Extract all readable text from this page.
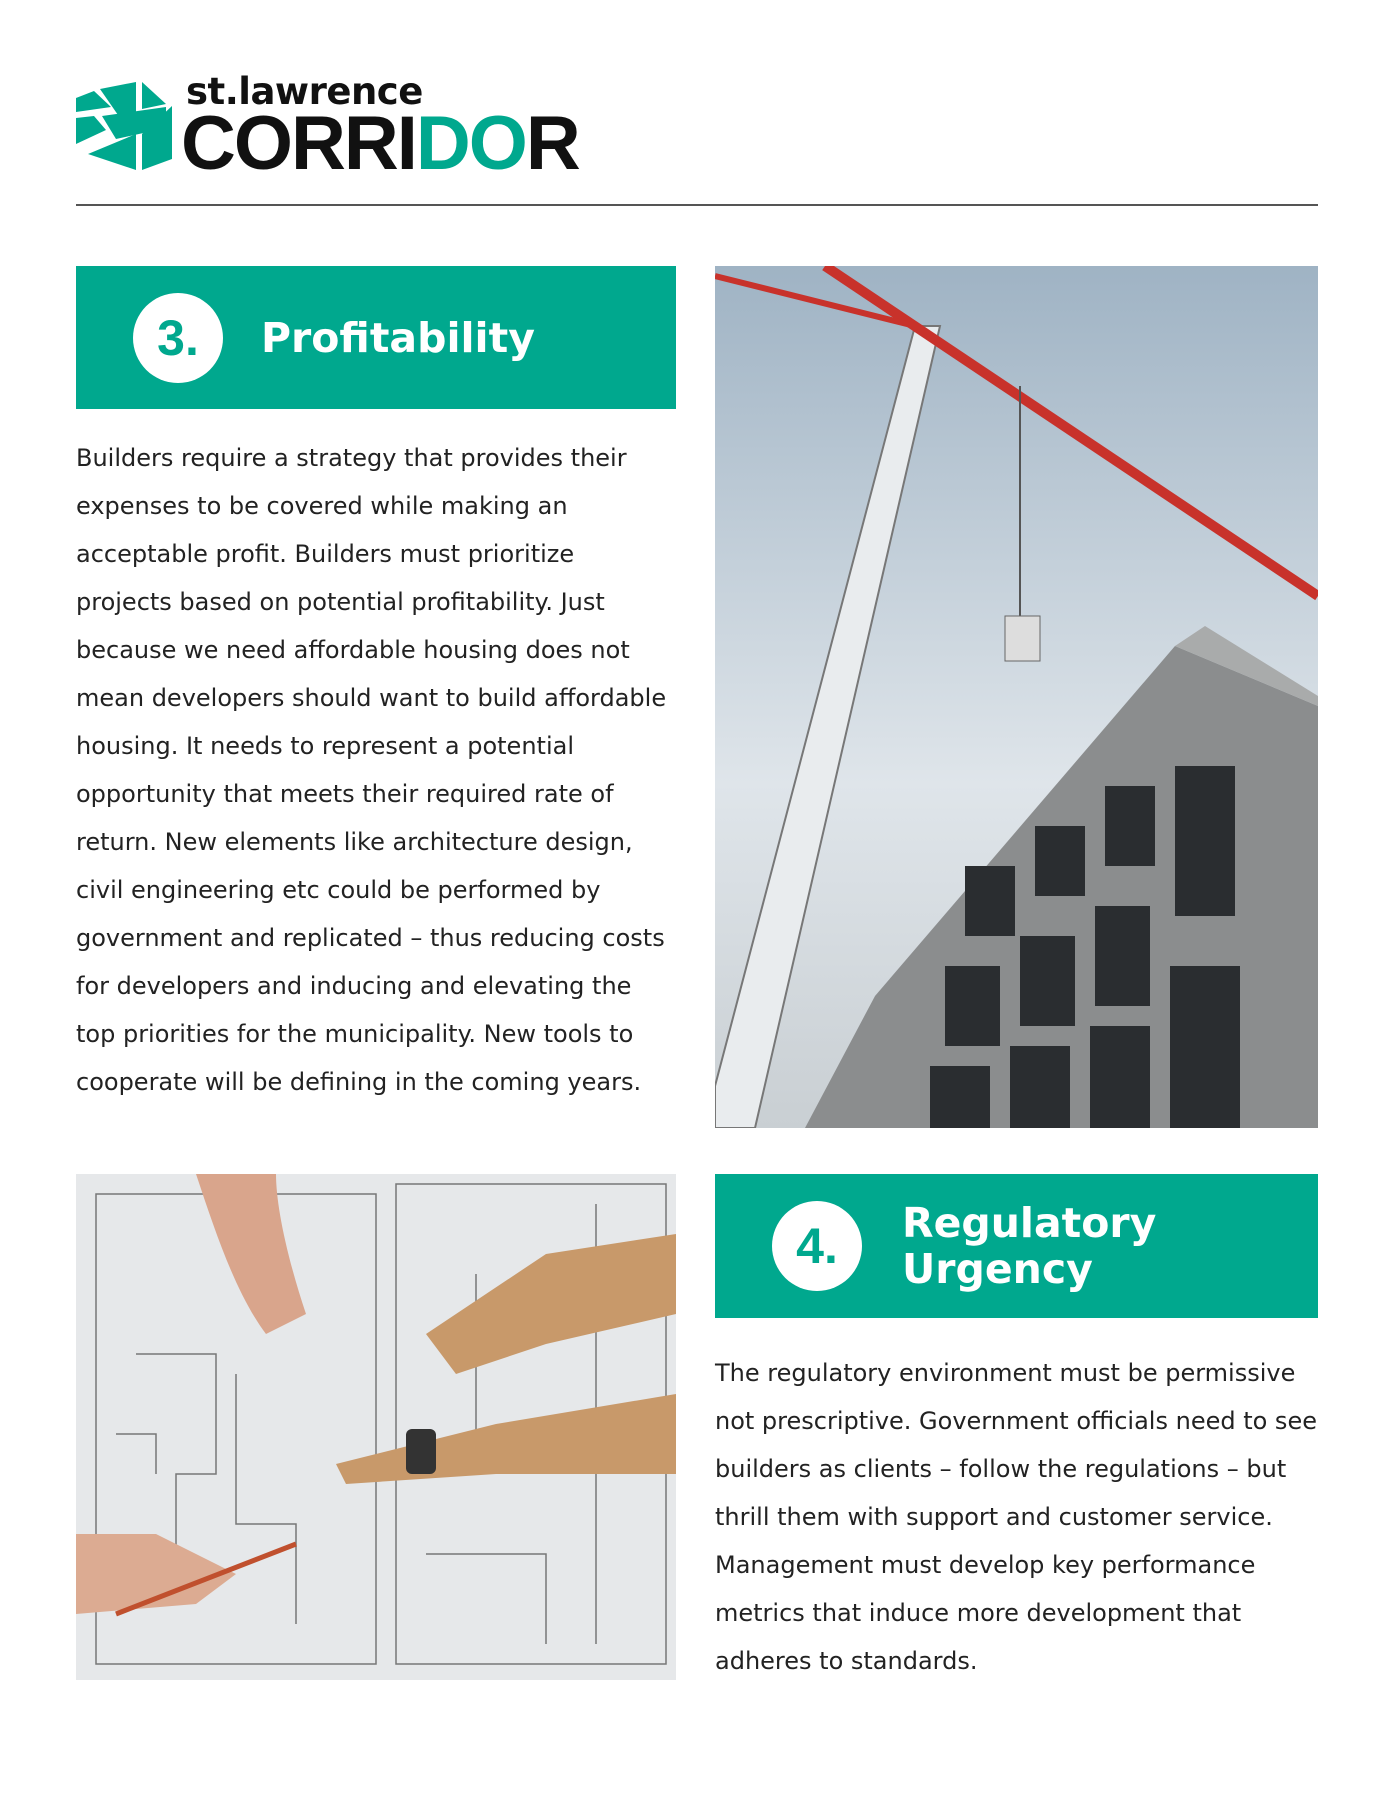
st.lawrence
CORRIDOR
3.	Profitability
Builders require a strategy that provides their expenses to be covered while making an acceptable profit. Builders must prioritize projects based on potential profitability. Just because we need affordable housing does not mean developers should want to build affordable housing. It needs to represent a potential opportunity that meets their required rate of return. New elements like architecture design, civil engineering etc could be performed by government and replicated – thus reducing costs for developers and inducing and elevating the top priorities for the municipality. New tools to cooperate will be defining in the coming years.
4.	Regulatory
Urgency
The regulatory environment must be permissive not prescriptive. Government officials need to see builders as clients – follow the regulations – but thrill them with support and customer service. Management must develop key performance metrics that induce more development that adheres to standards.
